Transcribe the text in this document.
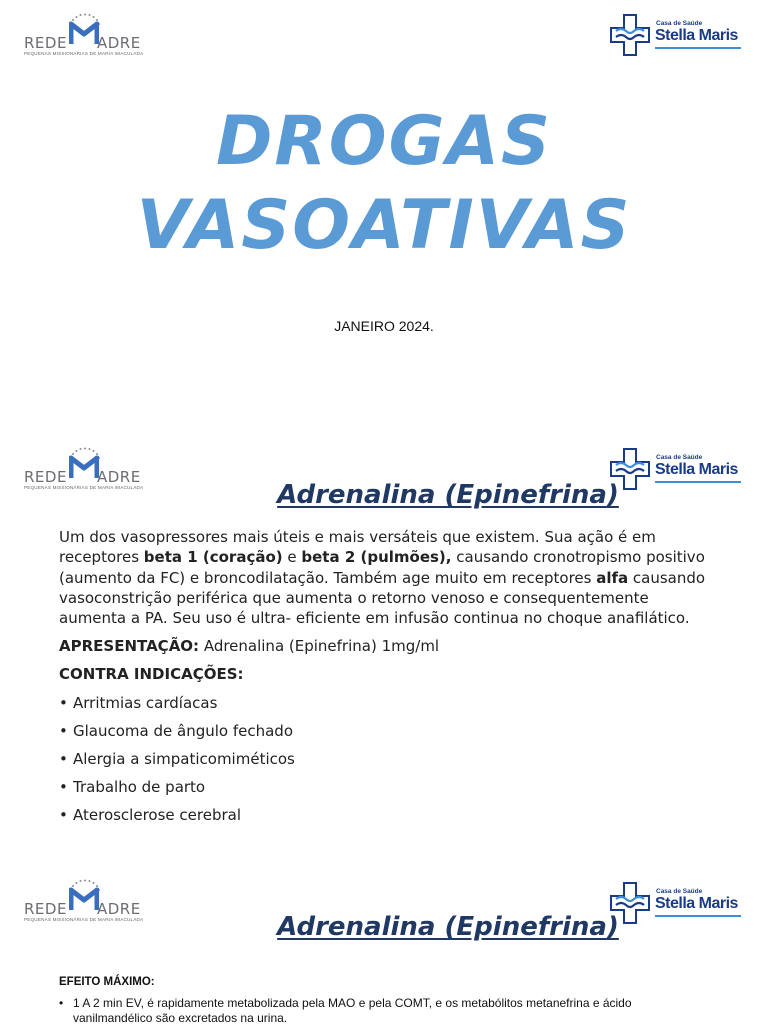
REDE ADRE
PEQUENAS MISSIONÁRIAS DE MARIA IMACULADA
Casa de Saúde
Stella Maris
DROGAS
VASOATIVAS
JANEIRO 2024.
REDE ADRE
PEQUENAS MISSIONÁRIAS DE MARIA IMACULADA
Casa de Saúde
Stella Maris
Adrenalina (Epinefrina)
Um dos vasopressores mais úteis e mais versáteis que existem. Sua ação é em receptores beta 1 (coração) e beta 2 (pulmões), causando cronotropismo positivo (aumento da FC) e broncodilatação. Também age muito em receptores alfa causando vasoconstrição periférica que aumenta o retorno venoso e consequentemente aumenta a PA. Seu uso é ultra- eficiente em infusão continua no choque anafilático.
APRESENTAÇÃO: Adrenalina (Epinefrina) 1mg/ml
CONTRA INDICAÇÕES:
• Arritmias cardíacas
• Glaucoma de ângulo fechado
• Alergia a simpaticomiméticos
• Trabalho de parto
• Aterosclerose cerebral
REDE ADRE
PEQUENAS MISSIONÁRIAS DE MARIA IMACULADA
Casa de Saúde
Stella Maris
Adrenalina (Epinefrina)
EFEITO MÁXIMO:
• 1 A 2 min EV, é rapidamente metabolizada pela MAO e pela COMT, e os metabólitos metanefrina e ácido vanilmandélico são excretados na urina.
